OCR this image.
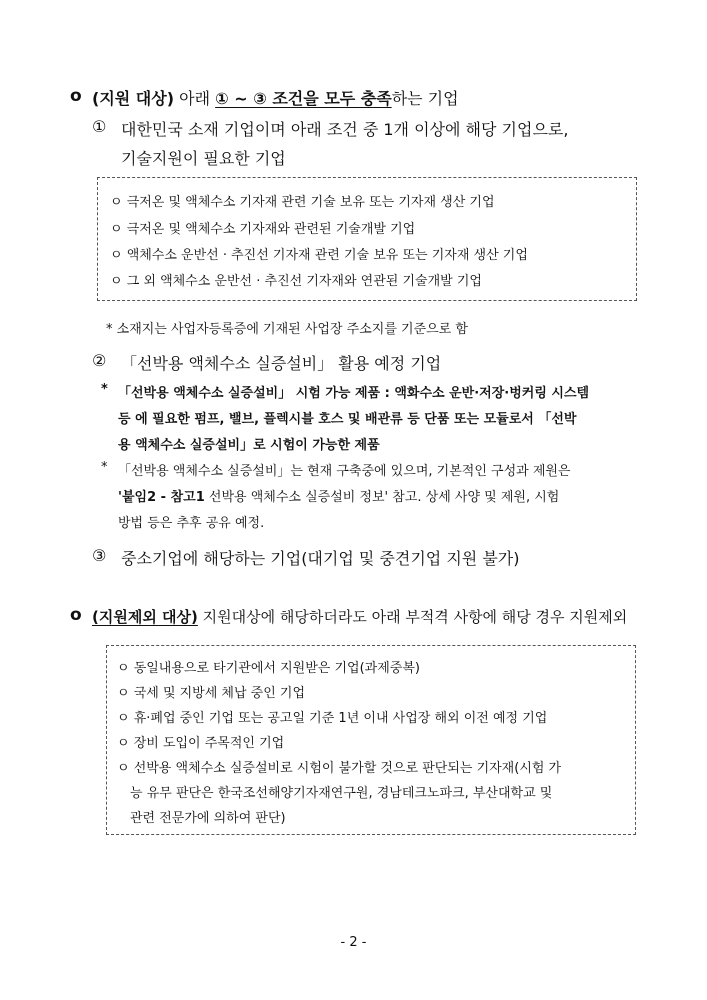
o (지원 대상) 아래 ① ~ ③ 조건을 모두 충족하는 기업
① 대한민국 소재 기업이며 아래 조건 중 1개 이상에 해당 기업으로,
기술지원이 필요한 기업
ㅇ 극저온 및 액체수소 기자재 관련 기술 보유 또는 기자재 생산 기업
ㅇ 극저온 및 액체수소 기자재와 관련된 기술개발 기업
ㅇ 액체수소 운반선 · 추진선 기자재 관련 기술 보유 또는 기자재 생산 기업
ㅇ 그 외 액체수소 운반선 · 추진선 기자재와 연관된 기술개발 기업
* 소재지는 사업자등록증에 기재된 사업장 주소지를 기준으로 함
② 「선박용 액체수소 실증설비」 활용 예정 기업
* 「선박용 액체수소 실증설비」 시험 가능 제품 : 액화수소 운반·저장·벙커링 시스템
등 에 필요한 펌프, 밸브, 플렉시블 호스 및 배관류 등 단품 또는 모듈로서 「선박
용 액체수소 실증설비」로 시험이 가능한 제품
* 「선박용 액체수소 실증설비」는 현재 구축중에 있으며, 기본적인 구성과 제원은
'붙임2 - 참고1 선박용 액체수소 실증설비 정보' 참고. 상세 사양 및 제원, 시험
방법 등은 추후 공유 예정.
③ 중소기업에 해당하는 기업(대기업 및 중견기업 지원 불가)
o (지원제외 대상) 지원대상에 해당하더라도 아래 부적격 사항에 해당 경우 지원제외
ㅇ 동일내용으로 타기관에서 지원받은 기업(과제중복)
ㅇ 국세 및 지방세 체납 중인 기업
ㅇ 휴·폐업 중인 기업 또는 공고일 기준 1년 이내 사업장 해외 이전 예정 기업
ㅇ 장비 도입이 주목적인 기업
ㅇ 선박용 액체수소 실증설비로 시험이 불가할 것으로 판단되는 기자재(시험 가
능 유무 판단은 한국조선해양기자재연구원, 경남테크노파크, 부산대학교 및
관련 전문가에 의하여 판단)
- 2 -
